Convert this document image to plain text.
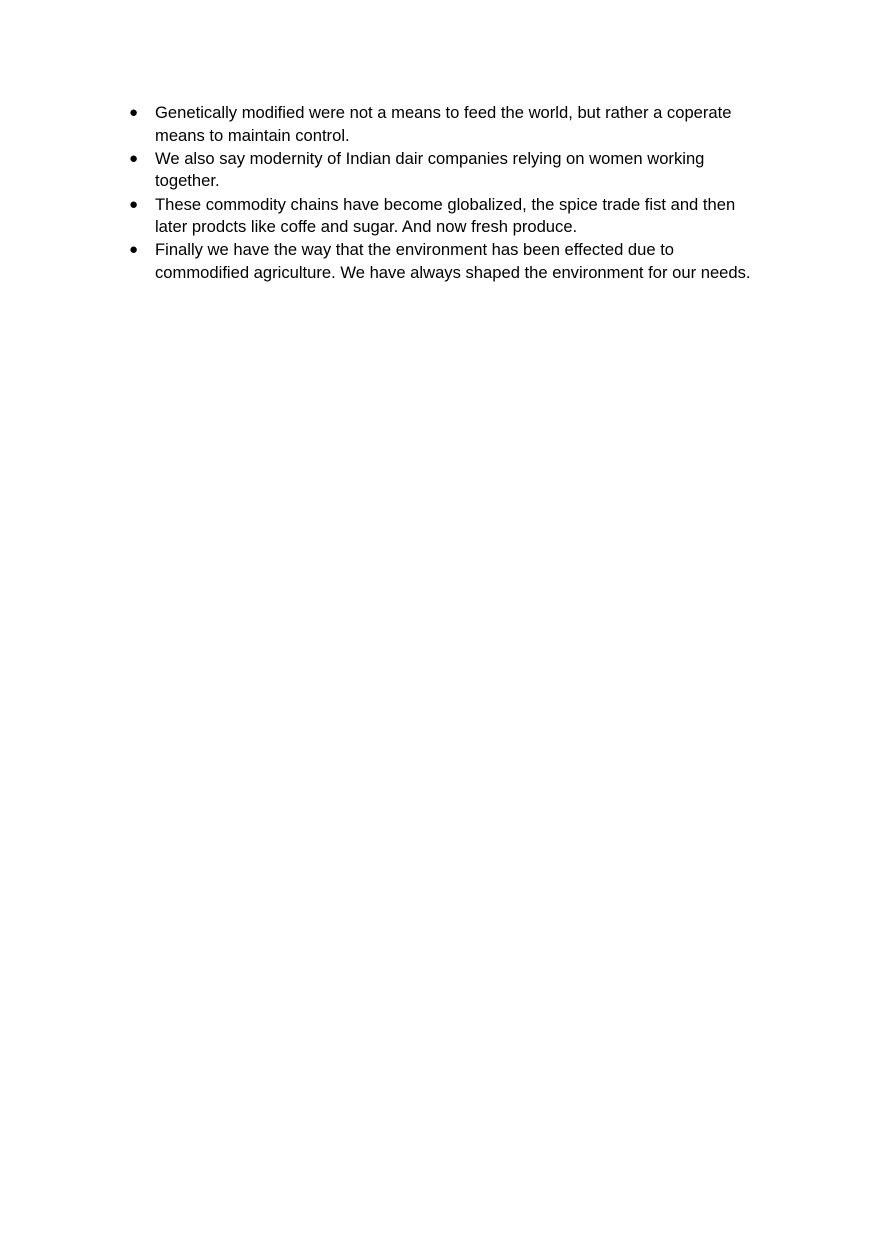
● Genetically modified were not a means to feed the world, but rather a coperate
means to maintain control.
● We also say modernity of Indian dair companies relying on women working
together.
● These commodity chains have become globalized, the spice trade fist and then
later prodcts like coffe and sugar. And now fresh produce.
● Finally we have the way that the environment has been effected due to
commodified agriculture. We have always shaped the environment for our needs.
